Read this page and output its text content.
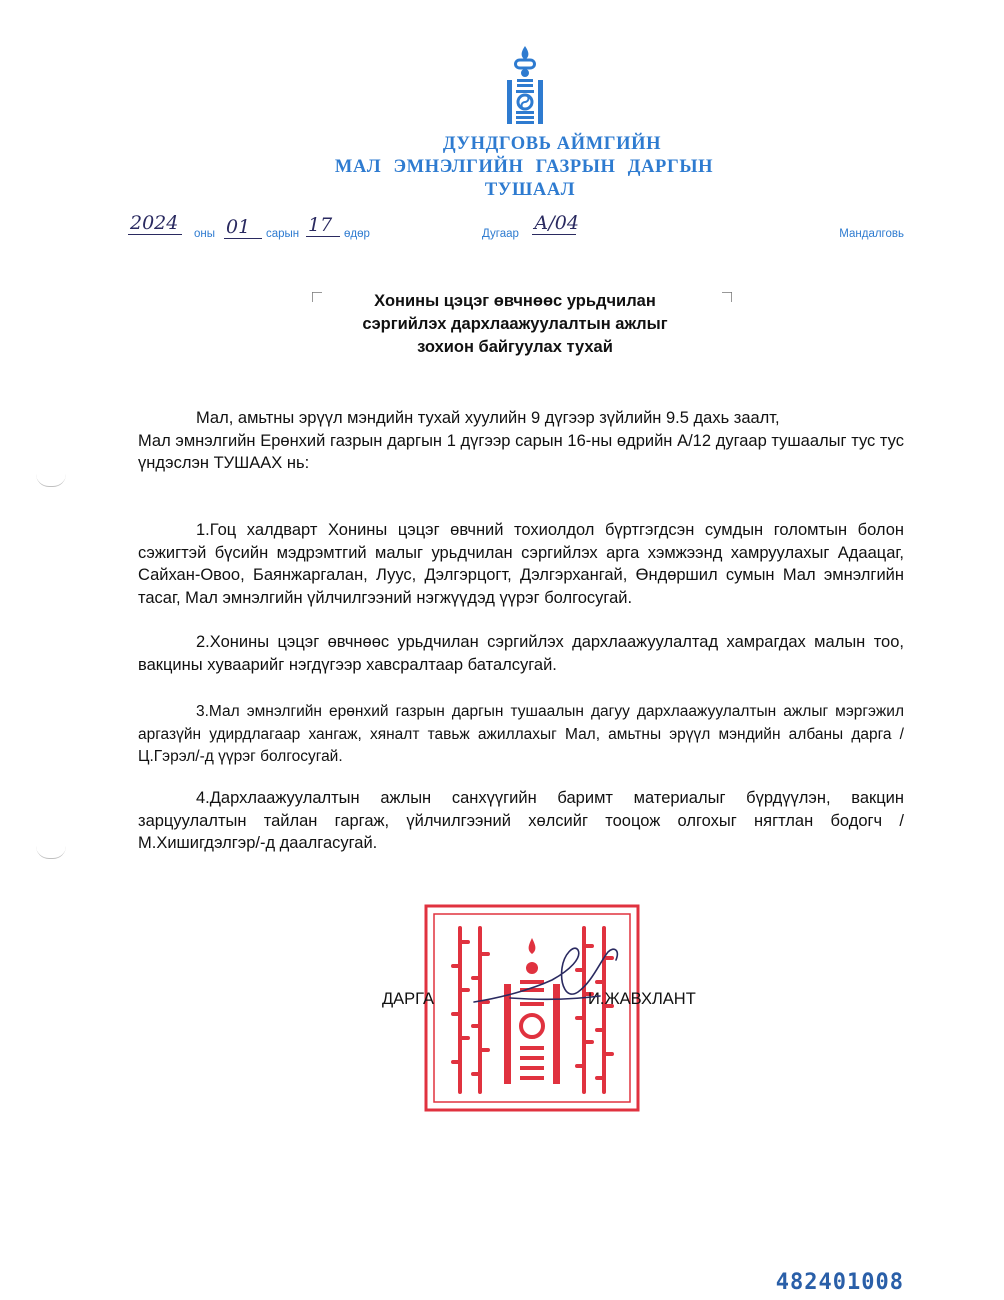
ДУНДГОВЬ АЙМГИЙН
МАЛ ЭМНЭЛГИЙН ГАЗРЫН ДАРГЫН
ТУШААЛ
2024	оны 01	сарын 17	өдөр	Дугаар А/04	Мандалговь
Хонины цэцэг өвчнөөс урьдчилан
сэргийлэх дархлаажуулалтын ажлыг
зохион байгуулах тухай

Мал, амьтны эрүүл мэндийн тухай хуулийн 9 дүгээр зүйлийн 9.5 дахь заалт,

Мал эмнэлгийн Ерөнхий газрын даргын 1 дүгээр сарын 16-ны өдрийн А/12 дугаар тушаалыг тус тус үндэслэн ТУШААХ нь:

1.Гоц халдварт Хонины цэцэг өвчний тохиолдол бүртгэгдсэн сумдын голомтын болон сэжигтэй бүсийн мэдрэмтгий малыг урьдчилан сэргийлэх арга хэмжээнд хамруулахыг Адаацаг, Сайхан-Овоо, Баянжаргалан, Луус, Дэлгэрцогт, Дэлгэрхангай, Өндөршил сумын Мал эмнэлгийн тасаг, Мал эмнэлгийн үйлчилгээний нэгжүүдэд үүрэг болгосугай.

2.Хонины цэцэг өвчнөөс урьдчилан сэргийлэх дархлаажуулалтад хамрагдах малын тоо, вакцины хуваарийг нэгдүгээр хавсралтаар баталсугай.

3.Мал эмнэлгийн ерөнхий газрын даргын тушаалын дагуу дархлаажуулалтын ажлыг мэргэжил аргазүйн удирдлагаар хангаж, хяналт тавьж ажиллахыг Мал, амьтны эрүүл мэндийн албаны дарга /Ц.Гэрэл/-д үүрэг болгосугай.

4.Дархлаажуулалтын ажлын санхүүгийн баримт материалыг бүрдүүлэн, вакцин зарцуулалтын тайлан гаргаж, үйлчилгээний хөлсийг тооцож олгохыг нягтлан бодогч /М.Хишигдэлгэр/-д даалгасугай.

ДАРГА	И.ЖАВХЛАНТ
482401008
